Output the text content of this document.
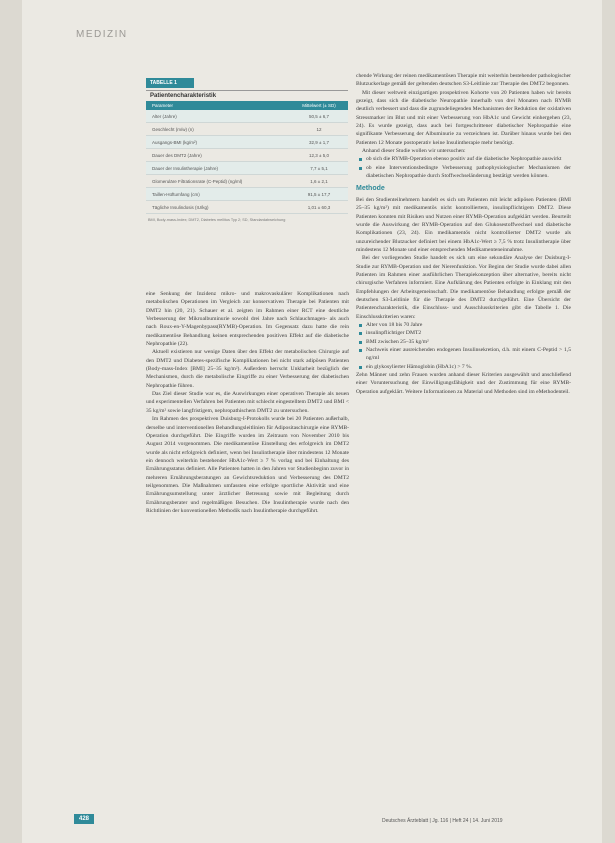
MEDIZIN
TABELLE 1
Patientencharakteristik
Parameter	Mittelwert (± SD)
Alter (Jahre)	50,5 ± 6,7
Geschlecht (m/w) (n)	12
Ausgangs-BMI (kg/m²)	32,9 ± 1,7
Dauer des DMT2 (Jahre)	12,3 ± 5,0
Dauer der Insulintherapie (Jahre)	7,7 ± 5,1
Glomeruläre Filtrationsrate (C-Peptid) (ng/ml)	1,6 ± 2,1
Taillen-Hüftumfang (cm)	91,5 ± 17,7
Tägliche Insulindosis (IU/kg)	1,01 ± 60,3
BMI, Body-mass-Index; DMT2, Diabetes mellitus Typ 2; SD, Standardabweichung

eine Senkung der Inzidenz mikro- und makrovaskulärer Komplikationen nach metabolischen Operationen im Vergleich zur konservativen Therapie bei Patienten mit DMT2 hin (20, 21). Schauer et al. zeigten im Rahmen einer RCT eine deutliche Verbesserung der Mikroalbuminurie sowohl drei Jahre nach Schlauchmagen- als auch nach Roux-en-Y-Magenbypass(RYMB)-Operation. Im Gegensatz dazu hatte die rein medikamentöse Behandlung keinen entsprechenden positiven Effekt auf die diabetische Nephropathie (22).

Aktuell existieren nur wenige Daten über den Effekt der metabolischen Chirurgie auf den DMT2 und Diabetes-spezifische Komplikationen bei nicht stark adipösen Patienten (Body-mass-Index [BMI] 25–35 kg/m²). Außerdem herrscht Unklarheit bezüglich der Mechanismen, durch die metabolische Eingriffe zu einer Verbesserung der diabetischen Nephropathie führen.

Das Ziel dieser Studie war es, die Auswirkungen einer operativen Therapie als neuen und experimentellen Verfahren bei Patienten mit schlecht eingestelltem DMT2 und BMI < 35 kg/m² sowie langfristigem, nephropathischem DMT2 zu untersuchen.

Im Rahmen des prospektiven Duisburg-I-Protokolls wurde bei 20 Patienten außerhalb, derselbe und interventionellen Behandlungsleitlinien für Adipositaschirurgie eine RYMB-Operation durchgeführt. Die Eingriffe wurden im Zeitraum von November 2010 bis August 2014 vorgenommen. Die medikamentöse Einstellung des erfolgreich im DMT2 wurde als nicht erfolgreich definiert, wenn bei Insulintherapie über mindestens 12 Monate ein dennoch weiterhin bestehender HbA1c-Wert ≥ 7 % vorlag und bei Einhaltung des Ernährungsstatus definiert. Alle Patienten hatten in den Jahren vor Studienbeginn zuvor in mehreren Ernährungsberatungen an Gewichtsreduktion und Verbesserung des DMT2 teilgenommen. Die Maßnahmen umfassten eine erfolgte sportliche Aktivität und eine Ernährungsumstellung unter ärztlicher Betreuung sowie mit Begleitung durch Ernährungsberater und regelmäßigen Besuchen. Die Insulintherapie wurde nach den Richtlinien der konventionellen Methodik nach Insulintherapie durchgeführt.

chende Wirkung der reinen medikamentösen Therapie mit weiterhin bestehender pathologischer Blutzuckerlage gemäß der geltenden deutschen S3-Leitlinie zur Therapie des DMT2 begonnen.

Mit dieser weltweit einzigartigen prospektiven Kohorte von 20 Patienten haben wir bereits gezeigt, dass sich die diabetische Neuropathie innerhalb von drei Monaten nach RYMB deutlich verbessert und dass die zugrundeliegenden Mechanismen der Reduktion der oxidativen Stressmarker im Blut und mit einer Verbesserung von HbA1c und Gewicht einhergehen (23, 24). Es wurde gezeigt, dass auch bei fortgeschrittener diabetischer Nephropathie eine signifikante Verbesserung der Albuminurie zu verzeichnen ist. Darüber hinaus wurde bei den Patienten 12 Monate postoperativ keine Insulintherapie mehr benötigt.

Anhand dieser Studie wollen wir untersuchen:

ob sich die RYMB-Operation ebenso positiv auf die diabetische Nephropathie auswirkt
ob eine Interventionsbedingte Verbesserung pathophysiologischer Mechanismen der diabetischen Nephropathie durch Stoffwechseländerung bestätigt werden können.
Methode

Bei den Studienteilnehmern handelt es sich um Patienten mit leicht adipösen Patienten (BMI 25–35 kg/m²) mit medikamentös nicht kontrolliertem, insulinpflichtigem DMT2. Diese Patienten konnten mit Risiken und Nutzen einer RYMB-Operation aufgeklärt werden. Beurteilt wurde die Auswirkung der RYMB-Operation auf den Glukosestoffwechsel und diabetische Komplikationen (23, 24). Ein medikamentös nicht kontrollierter DMT2 wurde als unzureichender Blutzucker definiert bei einem HbA1c-Wert ≥ 7,5 % trotz Insulintherapie über mindestens 12 Monate und einer entsprechenden Medikamenteneinnahme.

Bei der vorliegenden Studie handelt es sich um eine sekundäre Analyse der Duisburg-I-Studie zur RYMB-Operation und der Nierenfunktion. Vor Beginn der Studie wurde dabei allen Patienten im Rahmen einer ausführlichen Therapiekonzeption über alternative, bereits nicht chirurgische Verfahren informiert. Eine Aufklärung des Patienten erfolgte in Einklang mit den Empfehlungen der Arbeitsgemeinschaft. Die medikamentöse Behandlung erfolgte gemäß der deutschen S3-Leitlinie für die Therapie des DMT2 durchgeführt. Eine Übersicht der Patientencharakteristik, die Einschluss- und Ausschlusskriterien gibt die Tabelle 1. Die Einschlusskriterien waren:

Alter von 18 bis 70 Jahre
insulinpflichtiger DMT2
BMI zwischen 25–35 kg/m²
Nachweis einer ausreichenden endogenen Insulinsekretion, d.h. mit einem C-Peptid > 1,5 ng/ml
ein glykosylierter Hämoglobin (HbA1c) > 7 %.

Zehn Männer und zehn Frauen wurden anhand dieser Kriterien ausgewählt und anschließend einer Voruntersuchung der Einwilligungsfähigkeit und der Zustimmung für eine RYMB-Operation aufgeklärt. Weitere Informationen zu Material und Methoden sind im eMethodenteil.

428	Deutsches Ärzteblatt | Jg. 116 | Heft 24 | 14. Juni 2019
